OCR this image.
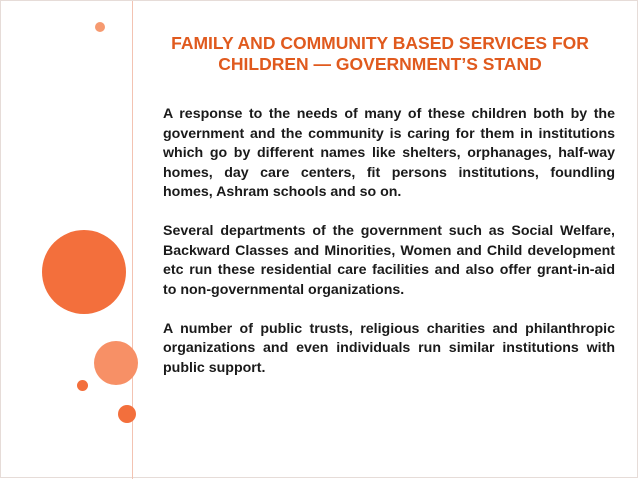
FAMILY AND COMMUNITY BASED SERVICES FOR
CHILDREN — GOVERNMENT’S STAND

A response to the needs of many of these children both by the government and the community is caring for them in institutions which go by different names like shelters, orphanages, half-way homes, day care centers, fit persons institutions, foundling homes, Ashram schools and so on.

Several departments of the government such as Social Welfare, Backward Classes and Minorities, Women and Child development etc run these residential care facilities and also offer grant-in-aid to non-governmental organizations.

A number of public trusts, religious charities and philanthropic organizations and even individuals run similar institutions with public support.
